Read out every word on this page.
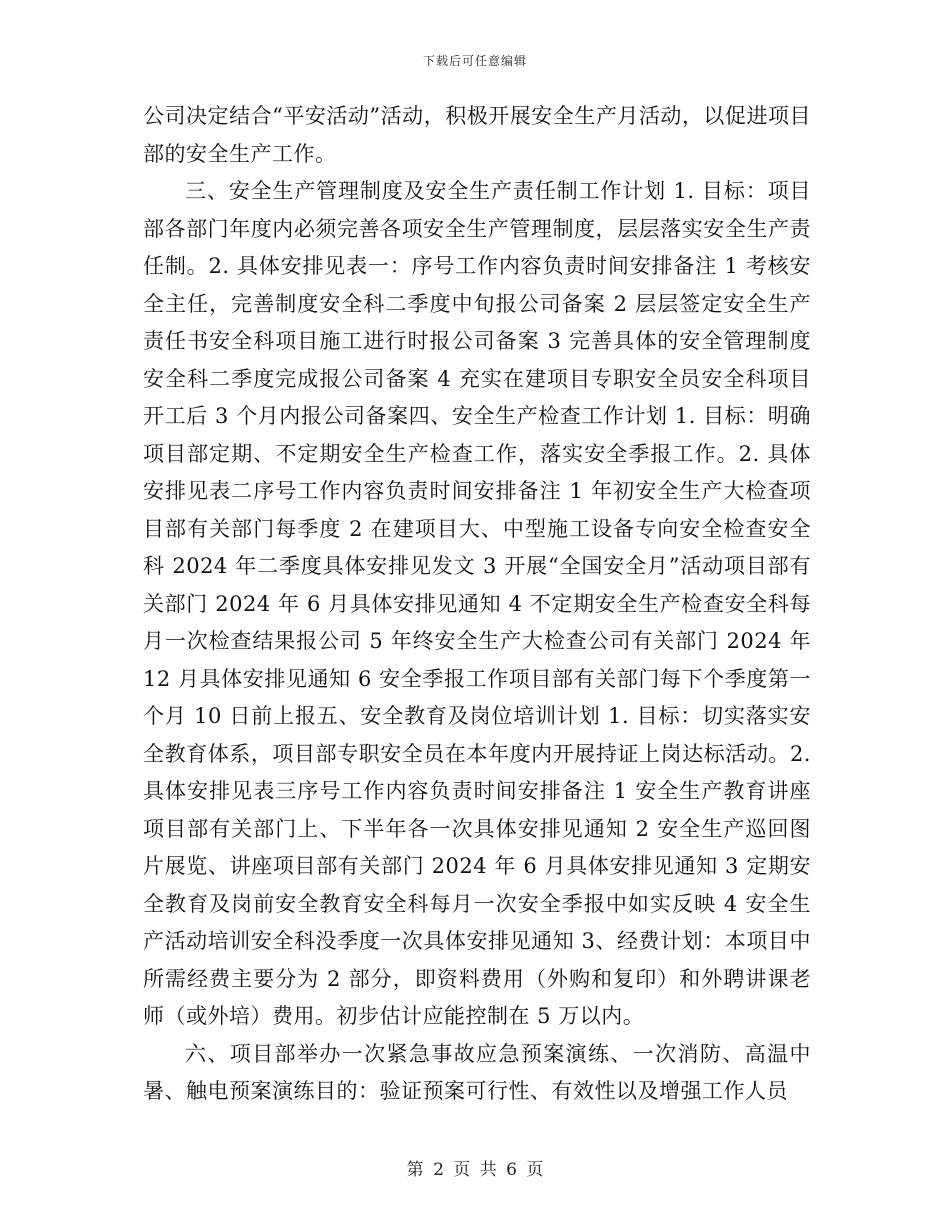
下载后可任意编辑

公司决定结合“平安活动”活动，积极开展安全生产月活动，以促进项目部的安全生产工作。

三、安全生产管理制度及安全生产责任制工作计划 1. 目标：项目部各部门年度内必须完善各项安全生产管理制度，层层落实安全生产责任制。2. 具体安排见表一：序号工作内容负责时间安排备注 1 考核安全主任，完善制度安全科二季度中旬报公司备案 2 层层签定安全生产责任书安全科项目施工进行时报公司备案 3 完善具体的安全管理制度安全科二季度完成报公司备案 4 充实在建项目专职安全员安全科项目开工后 3 个月内报公司备案四、安全生产检查工作计划 1. 目标：明确项目部定期、不定期安全生产检查工作，落实安全季报工作。2. 具体安排见表二序号工作内容负责时间安排备注 1 年初安全生产大检查项目部有关部门每季度 2 在建项目大、中型施工设备专向安全检查安全科 2024 年二季度具体安排见发文 3 开展“全国安全月”活动项目部有关部门 2024 年 6 月具体安排见通知 4 不定期安全生产检查安全科每月一次检查结果报公司 5 年终安全生产大检查公司有关部门 2024 年 12 月具体安排见通知 6 安全季报工作项目部有关部门每下个季度第一个月 10 日前上报五、安全教育及岗位培训计划 1. 目标：切实落实安全教育体系，项目部专职安全员在本年度内开展持证上岗达标活动。2. 具体安排见表三序号工作内容负责时间安排备注 1 安全生产教育讲座项目部有关部门上、下半年各一次具体安排见通知 2 安全生产巡回图片展览、讲座项目部有关部门 2024 年 6 月具体安排见通知 3 定期安全教育及岗前安全教育安全科每月一次安全季报中如实反映 4 安全生产活动培训安全科没季度一次具体安排见通知 3、经费计划：本项目中所需经费主要分为 2 部分，即资料费用（外购和复印）和外聘讲课老师（或外培）费用。初步估计应能控制在 5 万以内。

六、项目部举办一次紧急事故应急预案演练、一次消防、高温中暑、触电预案演练目的：验证预案可行性、有效性以及增强工作人员

第 2 页 共 6 页
